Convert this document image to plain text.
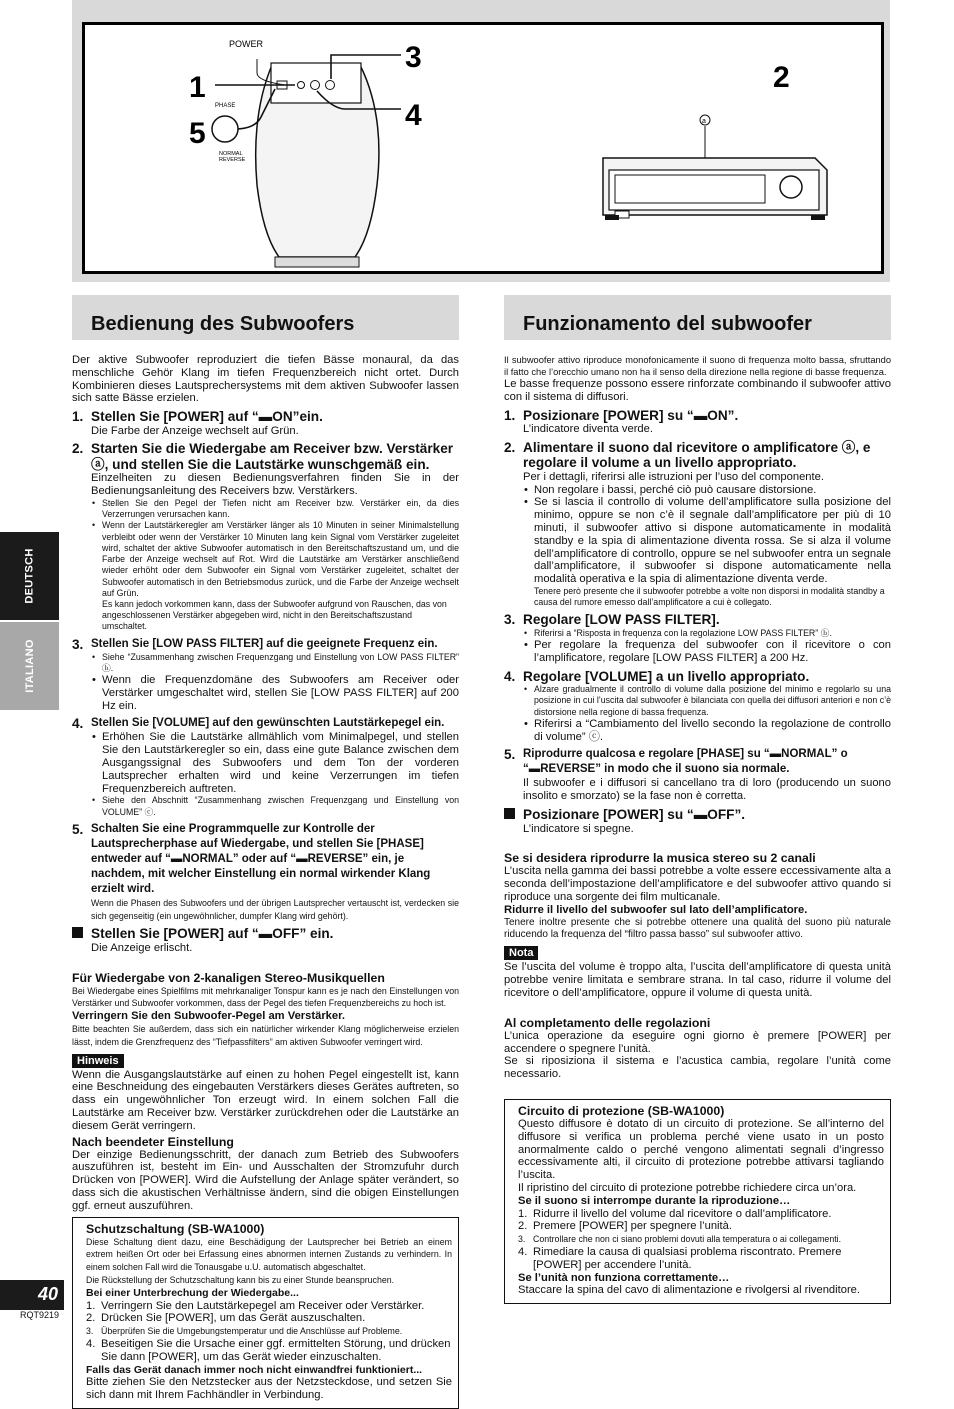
1
5
3
4
2
POWER
PHASE
NORMAL
REVERSE
a
DEUTSCH
ITALIANO
40
RQT9219
Bedienung des Subwoofers

Der aktive Subwoofer reproduziert die tiefen Bässe monaural, da das menschliche Gehör Klang im tiefen Frequenzbereich nicht ortet. Durch Kombinieren dieses Lautsprechersystems mit dem aktiven Subwoofer lassen sich satte Bässe erzielen.

1. Stellen Sie [POWER] auf “▬ON”ein.
Die Farbe der Anzeige wechselt auf Grün.
2. Starten Sie die Wiedergabe am Receiver bzw. Verstärker ⓐ, und stellen Sie die Lautstärke wunschgemäß ein.
Einzelheiten zu diesen Bedienungsverfahren finden Sie in der Bedienungsanleitung des Receivers bzw. Verstärkers.
• Stellen Sie den Pegel der Tiefen nicht am Receiver bzw. Verstärker ein, da dies Verzerrungen verursachen kann.
• Wenn der Lautstärkeregler am Verstärker länger als 10 Minuten in seiner Minimalstellung verbleibt oder wenn der Verstärker 10 Minuten lang kein Signal vom Verstärker zugeleitet wird, schaltet der aktive Subwoofer automatisch in den Bereitschaftszustand um, und die Farbe der Anzeige wechselt auf Rot. Wird die Lautstärke am Verstärker anschließend wieder erhöht oder dem Subwoofer ein Signal vom Verstärker zugeleitet, schaltet der Subwoofer automatisch in den Betriebsmodus zurück, und die Farbe der Anzeige wechselt auf Grün.
Es kann jedoch vorkommen kann, dass der Subwoofer aufgrund von Rauschen, das von angeschlossenen Verstärker abgegeben wird, nicht in den Bereitschaftszustand umschaltet.
3. Stellen Sie [LOW PASS FILTER] auf die geeignete Frequenz ein.
• Siehe “Zusammenhang zwischen Frequenzgang und Einstellung von LOW PASS FILTER” ⓑ.
• Wenn die Frequenzdomäne des Subwoofers am Receiver oder Verstärker umgeschaltet wird, stellen Sie [LOW PASS FILTER] auf 200 Hz ein.
4. Stellen Sie [VOLUME] auf den gewünschten Lautstärkepegel ein.
• Erhöhen Sie die Lautstärke allmählich vom Minimalpegel, und stellen Sie den Lautstärkeregler so ein, dass eine gute Balance zwischen dem Ausgangssignal des Subwoofers und dem Ton der vorderen Lautsprecher erhalten wird und keine Verzerrungen im tiefen Frequenzbereich auftreten.
• Siehe den Abschnitt “Zusammenhang zwischen Frequenzgang und Einstellung von VOLUME” ⓒ.
5. Schalten Sie eine Programmquelle zur Kontrolle der Lautsprecherphase auf Wiedergabe, und stellen Sie [PHASE] entweder auf “▬NORMAL” oder auf “▬REVERSE” ein, je nachdem, mit welcher Einstellung ein normal wirkender Klang erzielt wird.
Wenn die Phasen des Subwoofers und der übrigen Lautsprecher vertauscht ist, verdecken sie sich gegenseitig (ein ungewöhnlicher, dumpfer Klang wird gehört).
Stellen Sie [POWER] auf “▬OFF” ein.
Die Anzeige erlischt.
Für Wiedergabe von 2-kanaligen Stereo-Musikquellen
Bei Wiedergabe eines Spielfilms mit mehrkanaliger Tonspur kann es je nach den Einstellungen von Verstärker und Subwoofer vorkommen, dass der Pegel des tiefen Frequenzbereichs zu hoch ist.
Verringern Sie den Subwoofer-Pegel am Verstärker.
Bitte beachten Sie außerdem, dass sich ein natürlicher wirkender Klang möglicherweise erzielen lässt, indem die Grenzfrequenz des “Tiefpassfilters” am aktiven Subwoofer verringert wird.
Hinweis
Wenn die Ausgangslautstärke auf einen zu hohen Pegel eingestellt ist, kann eine Beschneidung des eingebauten Verstärkers dieses Gerätes auftreten, so dass ein ungewöhnlicher Ton erzeugt wird. In einem solchen Fall die Lautstärke am Receiver bzw. Verstärker zurückdrehen oder die Lautstärke an diesem Gerät verringern.
Nach beendeter Einstellung
Der einzige Bedienungsschritt, der danach zum Betrieb des Subwoofers auszuführen ist, besteht im Ein- und Ausschalten der Stromzufuhr durch Drücken von [POWER]. Wird die Aufstellung der Anlage später verändert, so dass sich die akustischen Verhältnisse ändern, sind die obigen Einstellungen ggf. erneut auszuführen.
Schutzschaltung (SB-WA1000)
Diese Schaltung dient dazu, eine Beschädigung der Lautsprecher bei Betrieb an einem extrem heißen Ort oder bei Erfassung eines abnormen internen Zustands zu verhindern. In einem solchen Fall wird die Tonausgabe u.U. automatisch abgeschaltet.
Die Rückstellung der Schutzschaltung kann bis zu einer Stunde beanspruchen.
Bei einer Unterbrechung der Wiedergabe...
1. Verringern Sie den Lautstärkepegel am Receiver oder Verstärker.
2. Drücken Sie [POWER], um das Gerät auszuschalten.
3. Überprüfen Sie die Umgebungstemperatur und die Anschlüsse auf Probleme.
4. Beseitigen Sie die Ursache einer ggf. ermittelten Störung, und drücken Sie dann [POWER], um das Gerät wieder einzuschalten.
Falls das Gerät danach immer noch nicht einwandfrei funktioniert...
Bitte ziehen Sie den Netzstecker aus der Netzsteckdose, und setzen Sie sich dann mit Ihrem Fachhändler in Verbindung.
Funzionamento del subwoofer

Il subwoofer attivo riproduce monofonicamente il suono di frequenza molto bassa, sfruttando il fatto che l’orecchio umano non ha il senso della direzione nella regione di basse frequenza.

Le basse frequenze possono essere rinforzate combinando il subwoofer attivo con il sistema di diffusori.

1. Posizionare [POWER] su “▬ON”.
L’indicatore diventa verde.
2. Alimentare il suono dal ricevitore o amplificatore ⓐ, e regolare il volume a un livello appropriato.
Per i dettagli, riferirsi alle istruzioni per l’uso del componente.
• Non regolare i bassi, perché ciò può causare distorsione.
• Se si lascia il controllo di volume dell’amplificatore sulla posizione del minimo, oppure se non c’è il segnale dall’amplificatore per più di 10 minuti, il subwoofer attivo si dispone automaticamente in modalità standby e la spia di alimentazione diventa rossa. Se si alza il volume dell’amplificatore di controllo, oppure se nel subwoofer entra un segnale dall’amplificatore, il subwoofer si dispone automaticamente nella modalità operativa e la spia di alimentazione diventa verde.
Tenere però presente che il subwoofer potrebbe a volte non disporsi in modalità standby a causa del rumore emesso dall’amplificatore a cui è collegato.
3. Regolare [LOW PASS FILTER].
• Riferirsi a “Risposta in frequenza con la regolazione LOW PASS FILTER” ⓑ.
• Per regolare la frequenza del subwoofer con il ricevitore o con l’amplificatore, regolare [LOW PASS FILTER] a 200 Hz.
4. Regolare [VOLUME] a un livello appropriato.
• Alzare gradualmente il controllo di volume dalla posizione del minimo e regolarlo su una posizione in cui l’uscita dal subwoofer è bilanciata con quella dei diffusori anteriori e non c’è distorsione nella regione di bassa frequenza.
• Riferirsi a “Cambiamento del livello secondo la regolazione de controllo di volume” ⓒ.
5. Riprodurre qualcosa e regolare [PHASE] su “▬NORMAL” o “▬REVERSE” in modo che il suono sia normale.
Il subwoofer e i diffusori si cancellano tra di loro (producendo un suono insolito e smorzato) se la fase non è corretta.
Posizionare [POWER] su “▬OFF”.
L’indicatore si spegne.
Se si desidera riprodurre la musica stereo su 2 canali
L’uscita nella gamma dei bassi potrebbe a volte essere eccessivamente alta a seconda dell’impostazione dell’amplificatore e del subwoofer attivo quando si riproduce una sorgente dei film multicanale.
Ridurre il livello del subwoofer sul lato dell’amplificatore.
Tenere inoltre presente che si potrebbe ottenere una qualità del suono più naturale riducendo la frequenza del “filtro passa basso” sul subwoofer attivo.
Nota
Se l’uscita del volume è troppo alta, l’uscita dell’amplificatore di questa unità potrebbe venire limitata e sembrare strana. In tal caso, ridurre il volume del ricevitore o dell’amplificatore, oppure il volume di questa unità.
Al completamento delle regolazioni
L’unica operazione da eseguire ogni giorno è premere [POWER] per accendere o spegnere l’unità.
Se si riposiziona il sistema e l’acustica cambia, regolare l’unità come necessario.
Circuito di protezione (SB-WA1000)
Questo diffusore è dotato di un circuito di protezione. Se all’interno del diffusore si verifica un problema perché viene usato in un posto anormalmente caldo o perché vengono alimentati segnali d’ingresso eccessivamente alti, il circuito di protezione potrebbe attivarsi tagliando l’uscita.
Il ripristino del circuito di protezione potrebbe richiedere circa un’ora.
Se il suono si interrompe durante la riproduzione…
1. Ridurre il livello del volume dal ricevitore o dall’amplificatore.
2. Premere [POWER] per spegnere l’unità.
3. Controllare che non ci siano problemi dovuti alla temperatura o ai collegamenti.
4. Rimediare la causa di qualsiasi problema riscontrato. Premere [POWER] per accendere l’unità.
Se l’unità non funziona correttamente…
Staccare la spina del cavo di alimentazione e rivolgersi al rivenditore.
